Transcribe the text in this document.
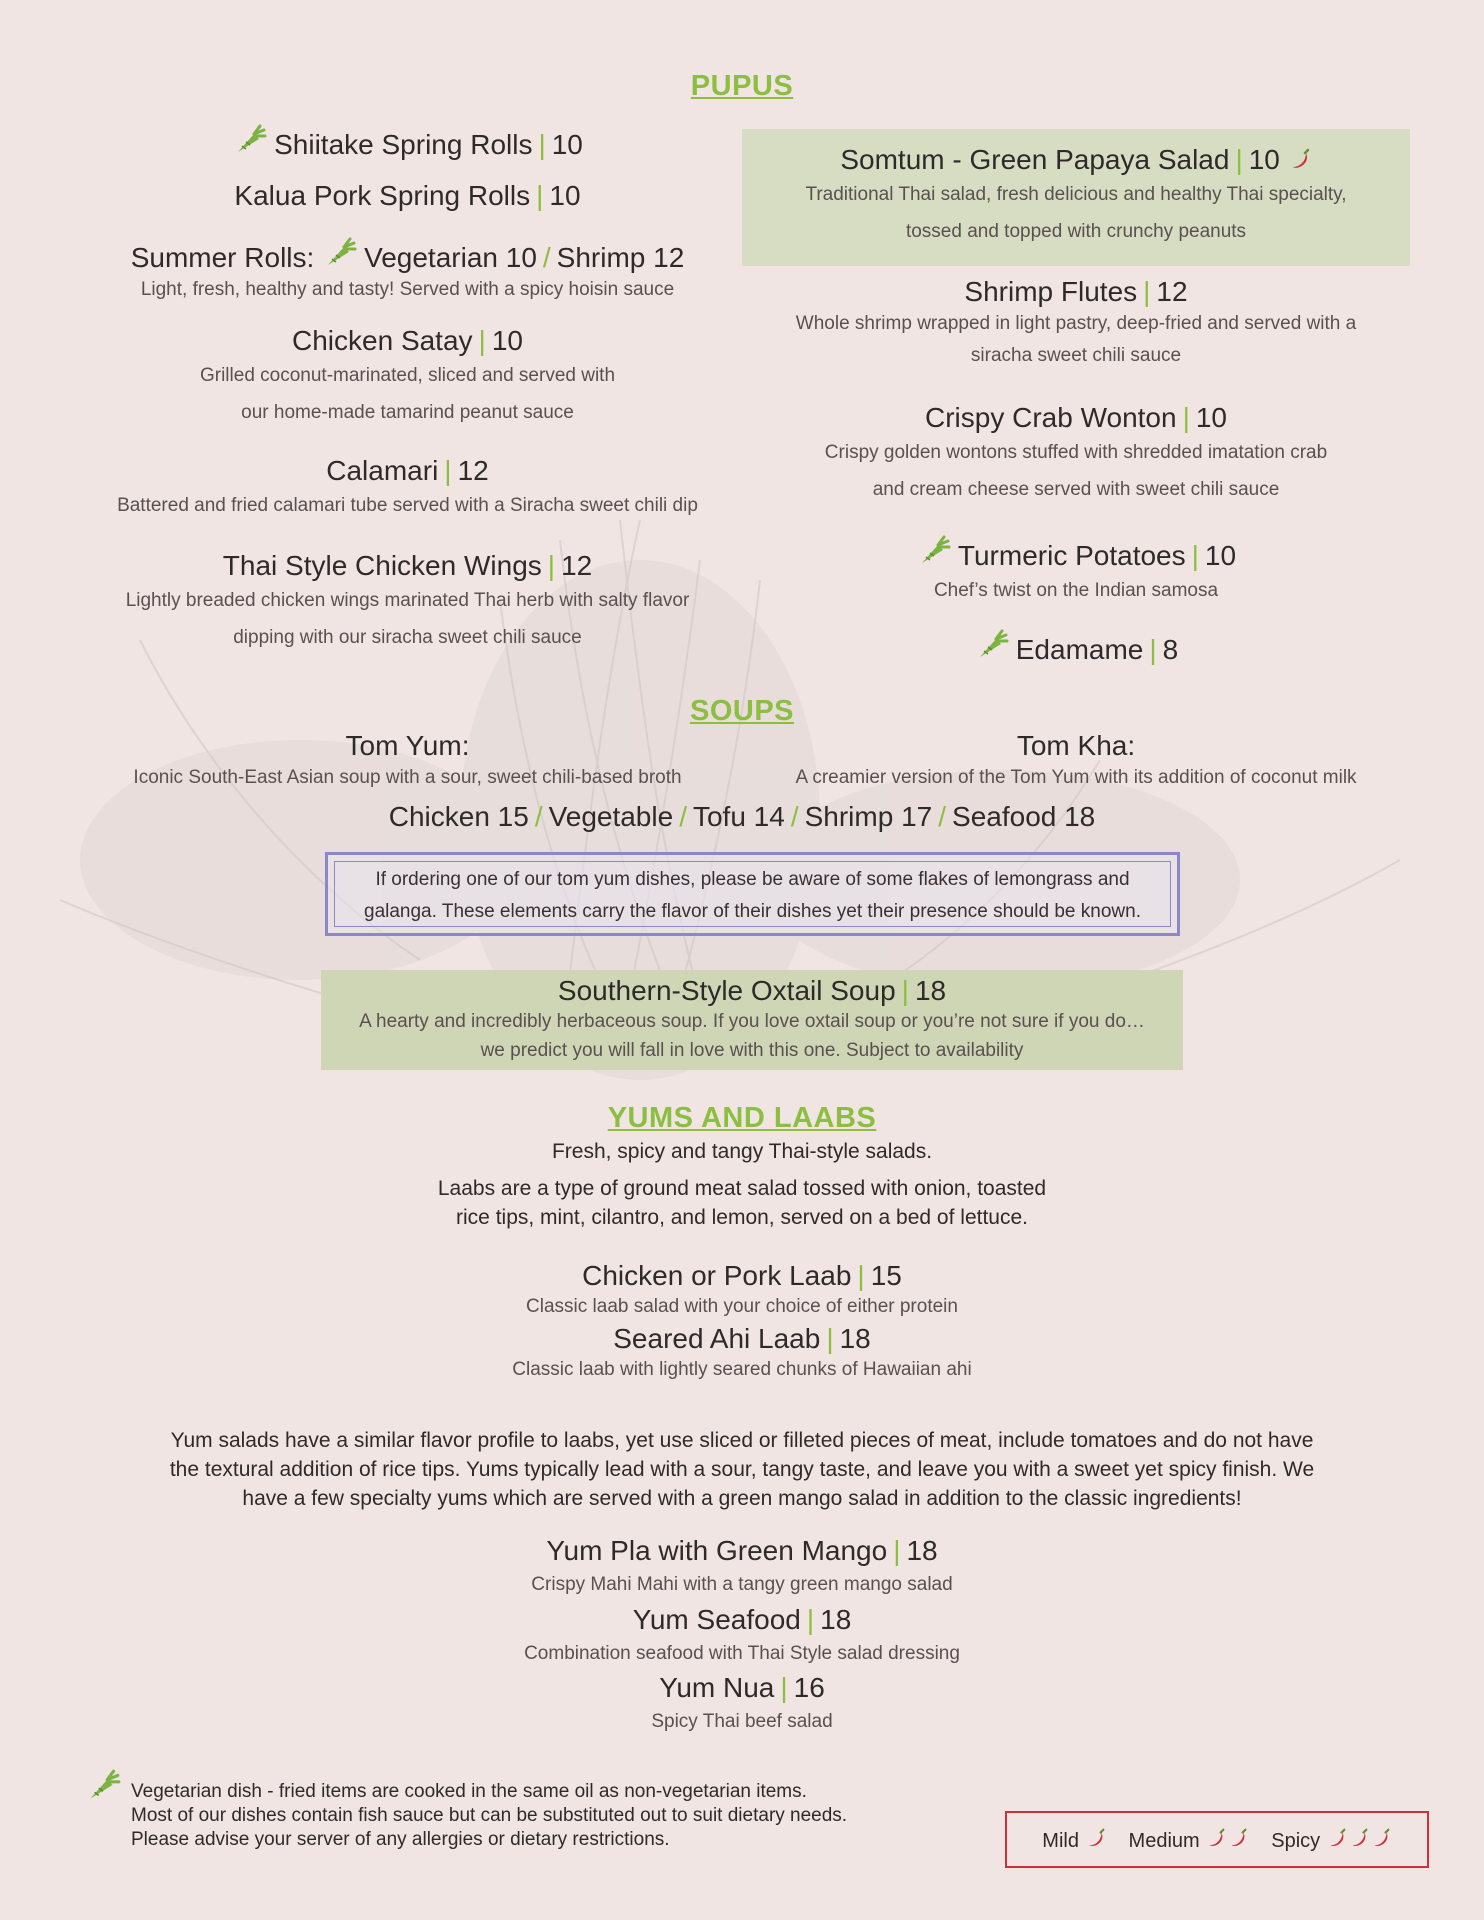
PUPUS
Shiitake Spring Rolls | 10
Kalua Pork Spring Rolls | 10
Summer Rolls: Vegetarian 10 / Shrimp 12
Light, fresh, healthy and tasty! Served with a spicy hoisin sauce
Chicken Satay | 10
Grilled coconut-marinated, sliced and served with
our home-made tamarind peanut sauce
Calamari | 12
Battered and fried calamari tube served with a Siracha sweet chili dip
Thai Style Chicken Wings | 12
Lightly breaded chicken wings marinated Thai herb with salty flavor
dipping with our siracha sweet chili sauce
Somtum - Green Papaya Salad | 10
Traditional Thai salad, fresh delicious and healthy Thai specialty,
tossed and topped with crunchy peanuts
Shrimp Flutes | 12
Whole shrimp wrapped in light pastry, deep-fried and served with a
siracha sweet chili sauce
Crispy Crab Wonton | 10
Crispy golden wontons stuffed with shredded imatation crab
and cream cheese served with sweet chili sauce
Turmeric Potatoes | 10
Chef’s twist on the Indian samosa
Edamame | 8
SOUPS
Tom Yum:
Iconic South-East Asian soup with a sour, sweet chili-based broth
Tom Kha:
A creamier version of the Tom Yum with its addition of coconut milk
Chicken 15 / Vegetable / Tofu 14 / Shrimp 17 / Seafood 18
If ordering one of our tom yum dishes, please be aware of some flakes of lemongrass and
galanga. These elements carry the flavor of their dishes yet their presence should be known.
Southern-Style Oxtail Soup | 18
A hearty and incredibly herbaceous soup. If you love oxtail soup or you’re not sure if you do…
we predict you will fall in love with this one. Subject to availability
YUMS AND LAABS
Fresh, spicy and tangy Thai-style salads.
Laabs are a type of ground meat salad tossed with onion, toasted
rice tips, mint, cilantro, and lemon, served on a bed of lettuce.
Chicken or Pork Laab | 15
Classic laab salad with your choice of either protein
Seared Ahi Laab | 18
Classic laab with lightly seared chunks of Hawaiian ahi
Yum salads have a similar flavor profile to laabs, yet use sliced or filleted pieces of meat, include tomatoes and do not have
the textural addition of rice tips. Yums typically lead with a sour, tangy taste, and leave you with a sweet yet spicy finish. We
have a few specialty yums which are served with a green mango salad in addition to the classic ingredients!
Yum Pla with Green Mango | 18
Crispy Mahi Mahi with a tangy green mango salad
Yum Seafood | 18
Combination seafood with Thai Style salad dressing
Yum Nua | 16
Spicy Thai beef salad
Vegetarian dish - fried items are cooked in the same oil as non-vegetarian items.
Most of our dishes contain fish sauce but can be substituted out to suit dietary needs.
Please advise your server of any allergies or dietary restrictions.	Mild	Medium	Spicy
